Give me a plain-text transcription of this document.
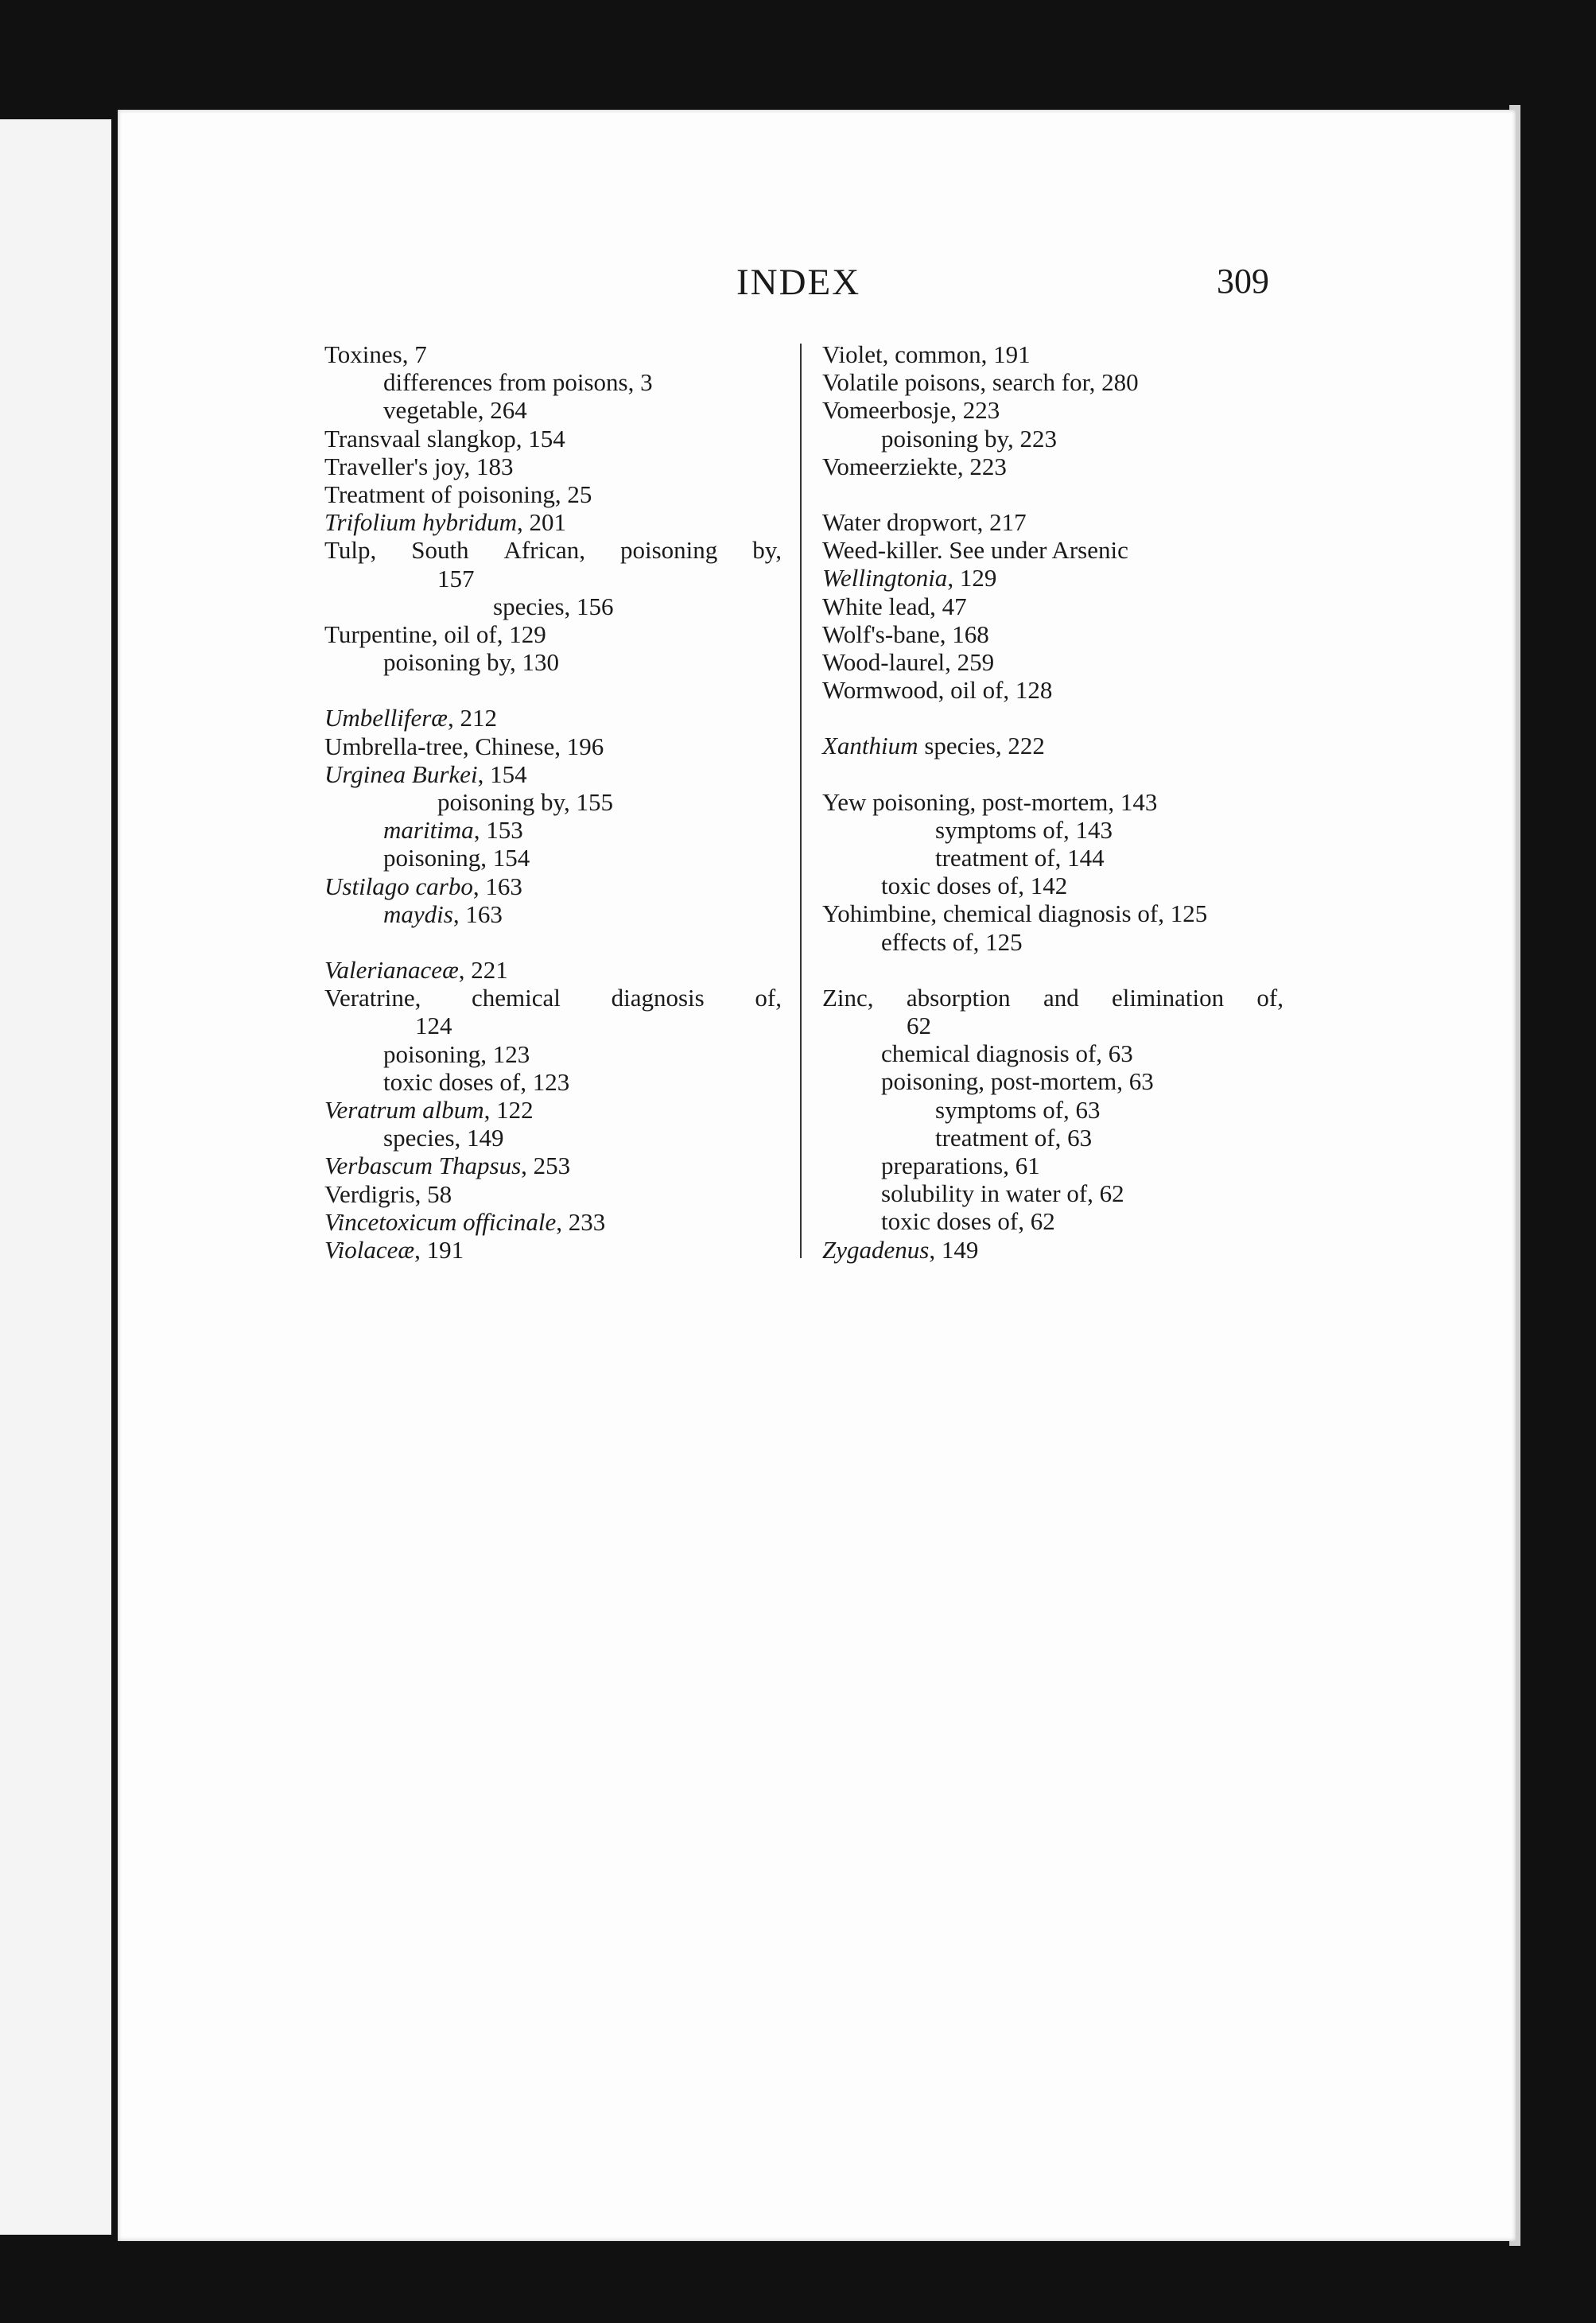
INDEX	309
Toxines, 7
differences from poisons, 3
vegetable, 264
Transvaal slangkop, 154
Traveller's joy, 183
Treatment of poisoning, 25
Trifolium hybridum, 201
Tulp, South African, poisoning by,
157
species, 156
Turpentine, oil of, 129
poisoning by, 130
Umbelliferæ, 212
Umbrella-tree, Chinese, 196
Urginea Burkei, 154
poisoning by, 155
maritima, 153
poisoning, 154
Ustilago carbo, 163
maydis, 163
Valerianaceæ, 221
Veratrine, chemical diagnosis of,
124
poisoning, 123
toxic doses of, 123
Veratrum album, 122
species, 149
Verbascum Thapsus, 253
Verdigris, 58
Vincetoxicum officinale, 233
Violaceæ, 191
Violet, common, 191
Volatile poisons, search for, 280
Vomeerbosje, 223
poisoning by, 223
Vomeerziekte, 223
Water dropwort, 217
Weed-killer. See under Arsenic
Wellingtonia, 129
White lead, 47
Wolf's-bane, 168
Wood-laurel, 259
Wormwood, oil of, 128
Xanthium species, 222
Yew poisoning, post-mortem, 143
symptoms of, 143
treatment of, 144
toxic doses of, 142
Yohimbine, chemical diagnosis of, 125
effects of, 125
Zinc, absorption and elimination of,
62
chemical diagnosis of, 63
poisoning, post-mortem, 63
symptoms of, 63
treatment of, 63
preparations, 61
solubility in water of, 62
toxic doses of, 62
Zygadenus, 149
